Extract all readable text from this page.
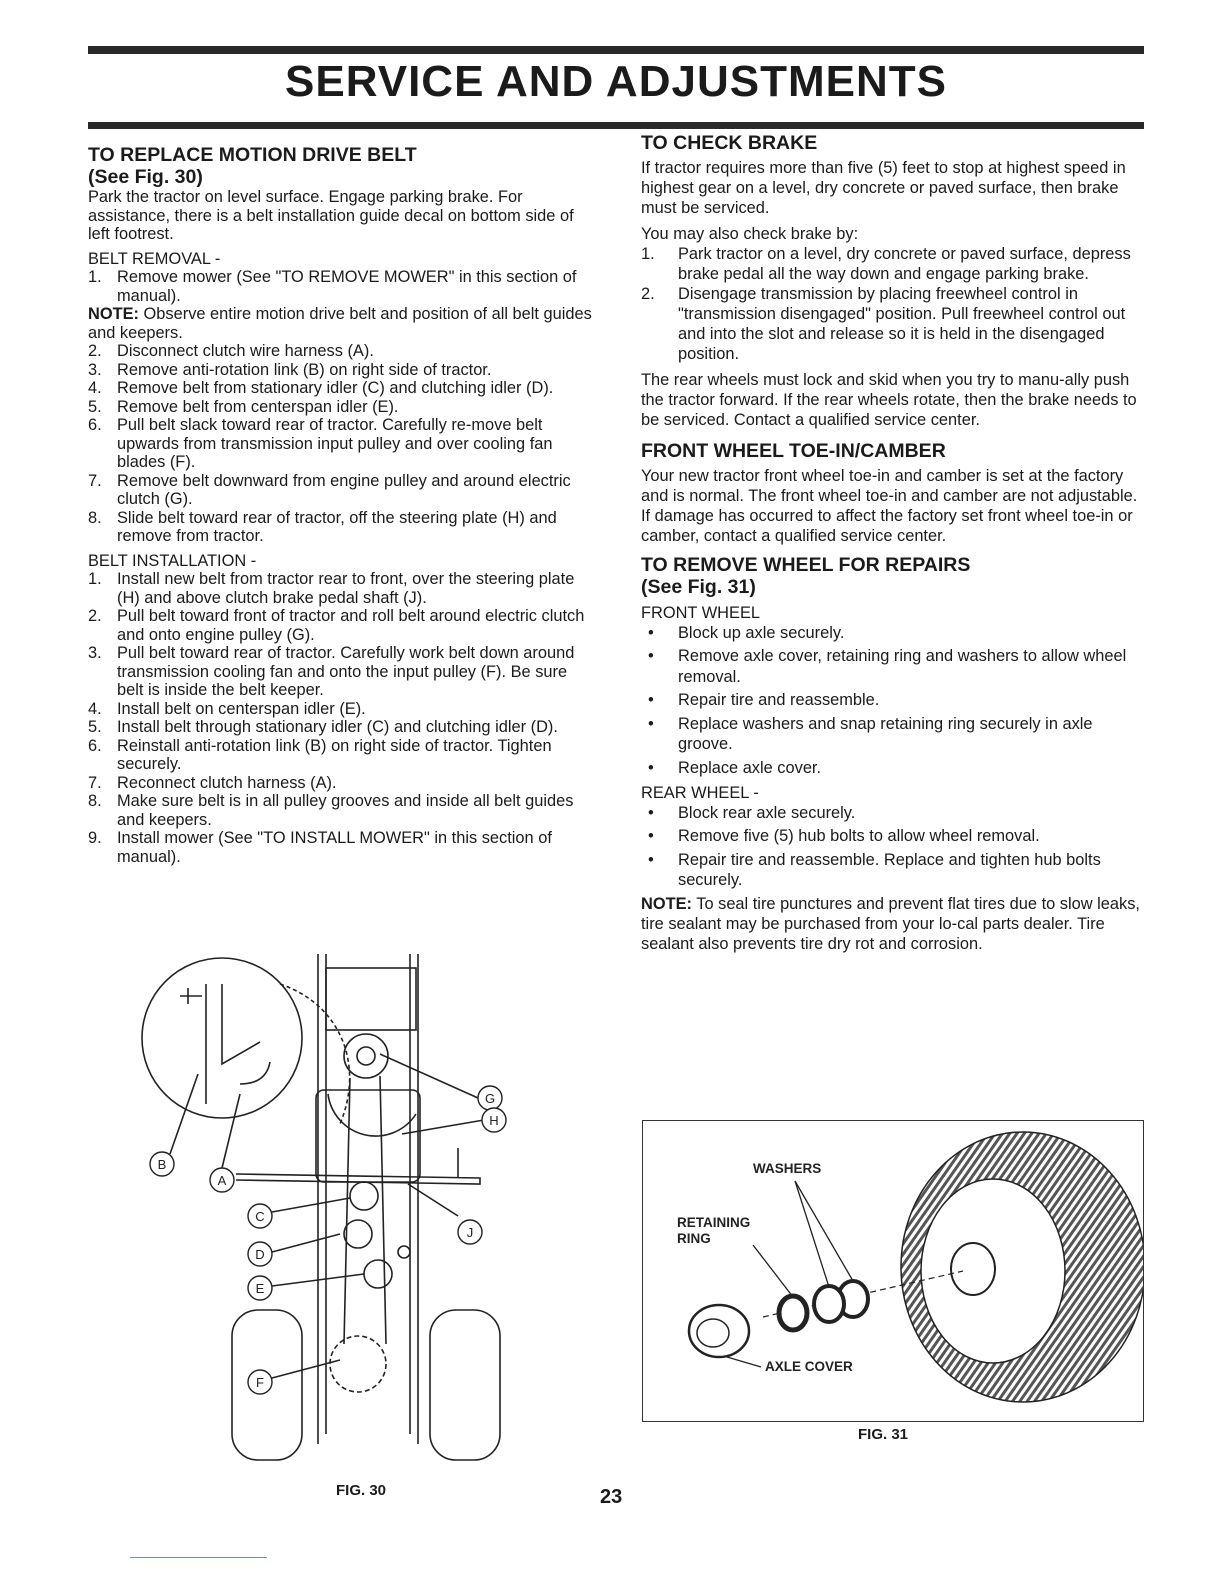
SERVICE AND ADJUSTMENTS
TO REPLACE MOTION DRIVE BELT
(See Fig. 30)

Park the tractor on level surface. Engage parking brake. For assistance, there is a belt installation guide decal on bottom side of left footrest.

BELT REMOVAL -
1. Remove mower (See "TO REMOVE MOWER" in this section of manual).

NOTE: Observe entire motion drive belt and position of all belt guides and keepers.

2. Disconnect clutch wire harness (A).
3. Remove anti-rotation link (B) on right side of tractor.
4. Remove belt from stationary idler (C) and clutching idler (D).
5. Remove belt from centerspan idler (E).
6. Pull belt slack toward rear of tractor. Carefully re-move belt upwards from transmission input pulley and over cooling fan blades (F).
7. Remove belt downward from engine pulley and around electric clutch (G).
8. Slide belt toward rear of tractor, off the steering plate (H) and remove from tractor.
BELT INSTALLATION -
1. Install new belt from tractor rear to front, over the steering plate (H) and above clutch brake pedal shaft (J).
2. Pull belt toward front of tractor and roll belt around electric clutch and onto engine pulley (G).
3. Pull belt toward rear of tractor. Carefully work belt down around transmission cooling fan and onto the input pulley (F). Be sure belt is inside the belt keeper.
4. Install belt on centerspan idler (E).
5. Install belt through stationary idler (C) and clutching idler (D).
6. Reinstall anti-rotation link (B) on right side of tractor. Tighten securely.
7. Reconnect clutch harness (A).
8. Make sure belt is in all pulley grooves and inside all belt guides and keepers.
9. Install mower (See "TO INSTALL MOWER" in this section of manual).
G
H
J
C
D
E
F
B
A
FIG. 30
TO CHECK BRAKE

If tractor requires more than five (5) feet to stop at highest speed in highest gear on a level, dry concrete or paved surface, then brake must be serviced.

You may also check brake by:

1. Park tractor on a level, dry concrete or paved surface, depress brake pedal all the way down and engage parking brake.
2. Disengage transmission by placing freewheel control in "transmission disengaged" position. Pull freewheel control out and into the slot and release so it is held in the disengaged position.

The rear wheels must lock and skid when you try to manu-ally push the tractor forward. If the rear wheels rotate, then the brake needs to be serviced. Contact a qualified service center.

FRONT WHEEL TOE-IN/CAMBER

Your new tractor front wheel toe-in and camber is set at the factory and is normal. The front wheel toe-in and camber are not adjustable. If damage has occurred to affect the factory set front wheel toe-in or camber, contact a qualified service center.

TO REMOVE WHEEL FOR REPAIRS
(See Fig. 31)
FRONT WHEEL
• Block up axle securely.
• Remove axle cover, retaining ring and washers to allow wheel removal.
• Repair tire and reassemble.
• Replace washers and snap retaining ring securely in axle groove.
• Replace axle cover.
REAR WHEEL -
• Block rear axle securely.
• Remove five (5) hub bolts to allow wheel removal.
• Repair tire and reassemble. Replace and tighten hub bolts securely.

NOTE: To seal tire punctures and prevent flat tires due to slow leaks, tire sealant may be purchased from your lo-cal parts dealer. Tire sealant also prevents tire dry rot and corrosion.

WASHERS
RETAINING
RING
AXLE COVER
FIG. 31
23
